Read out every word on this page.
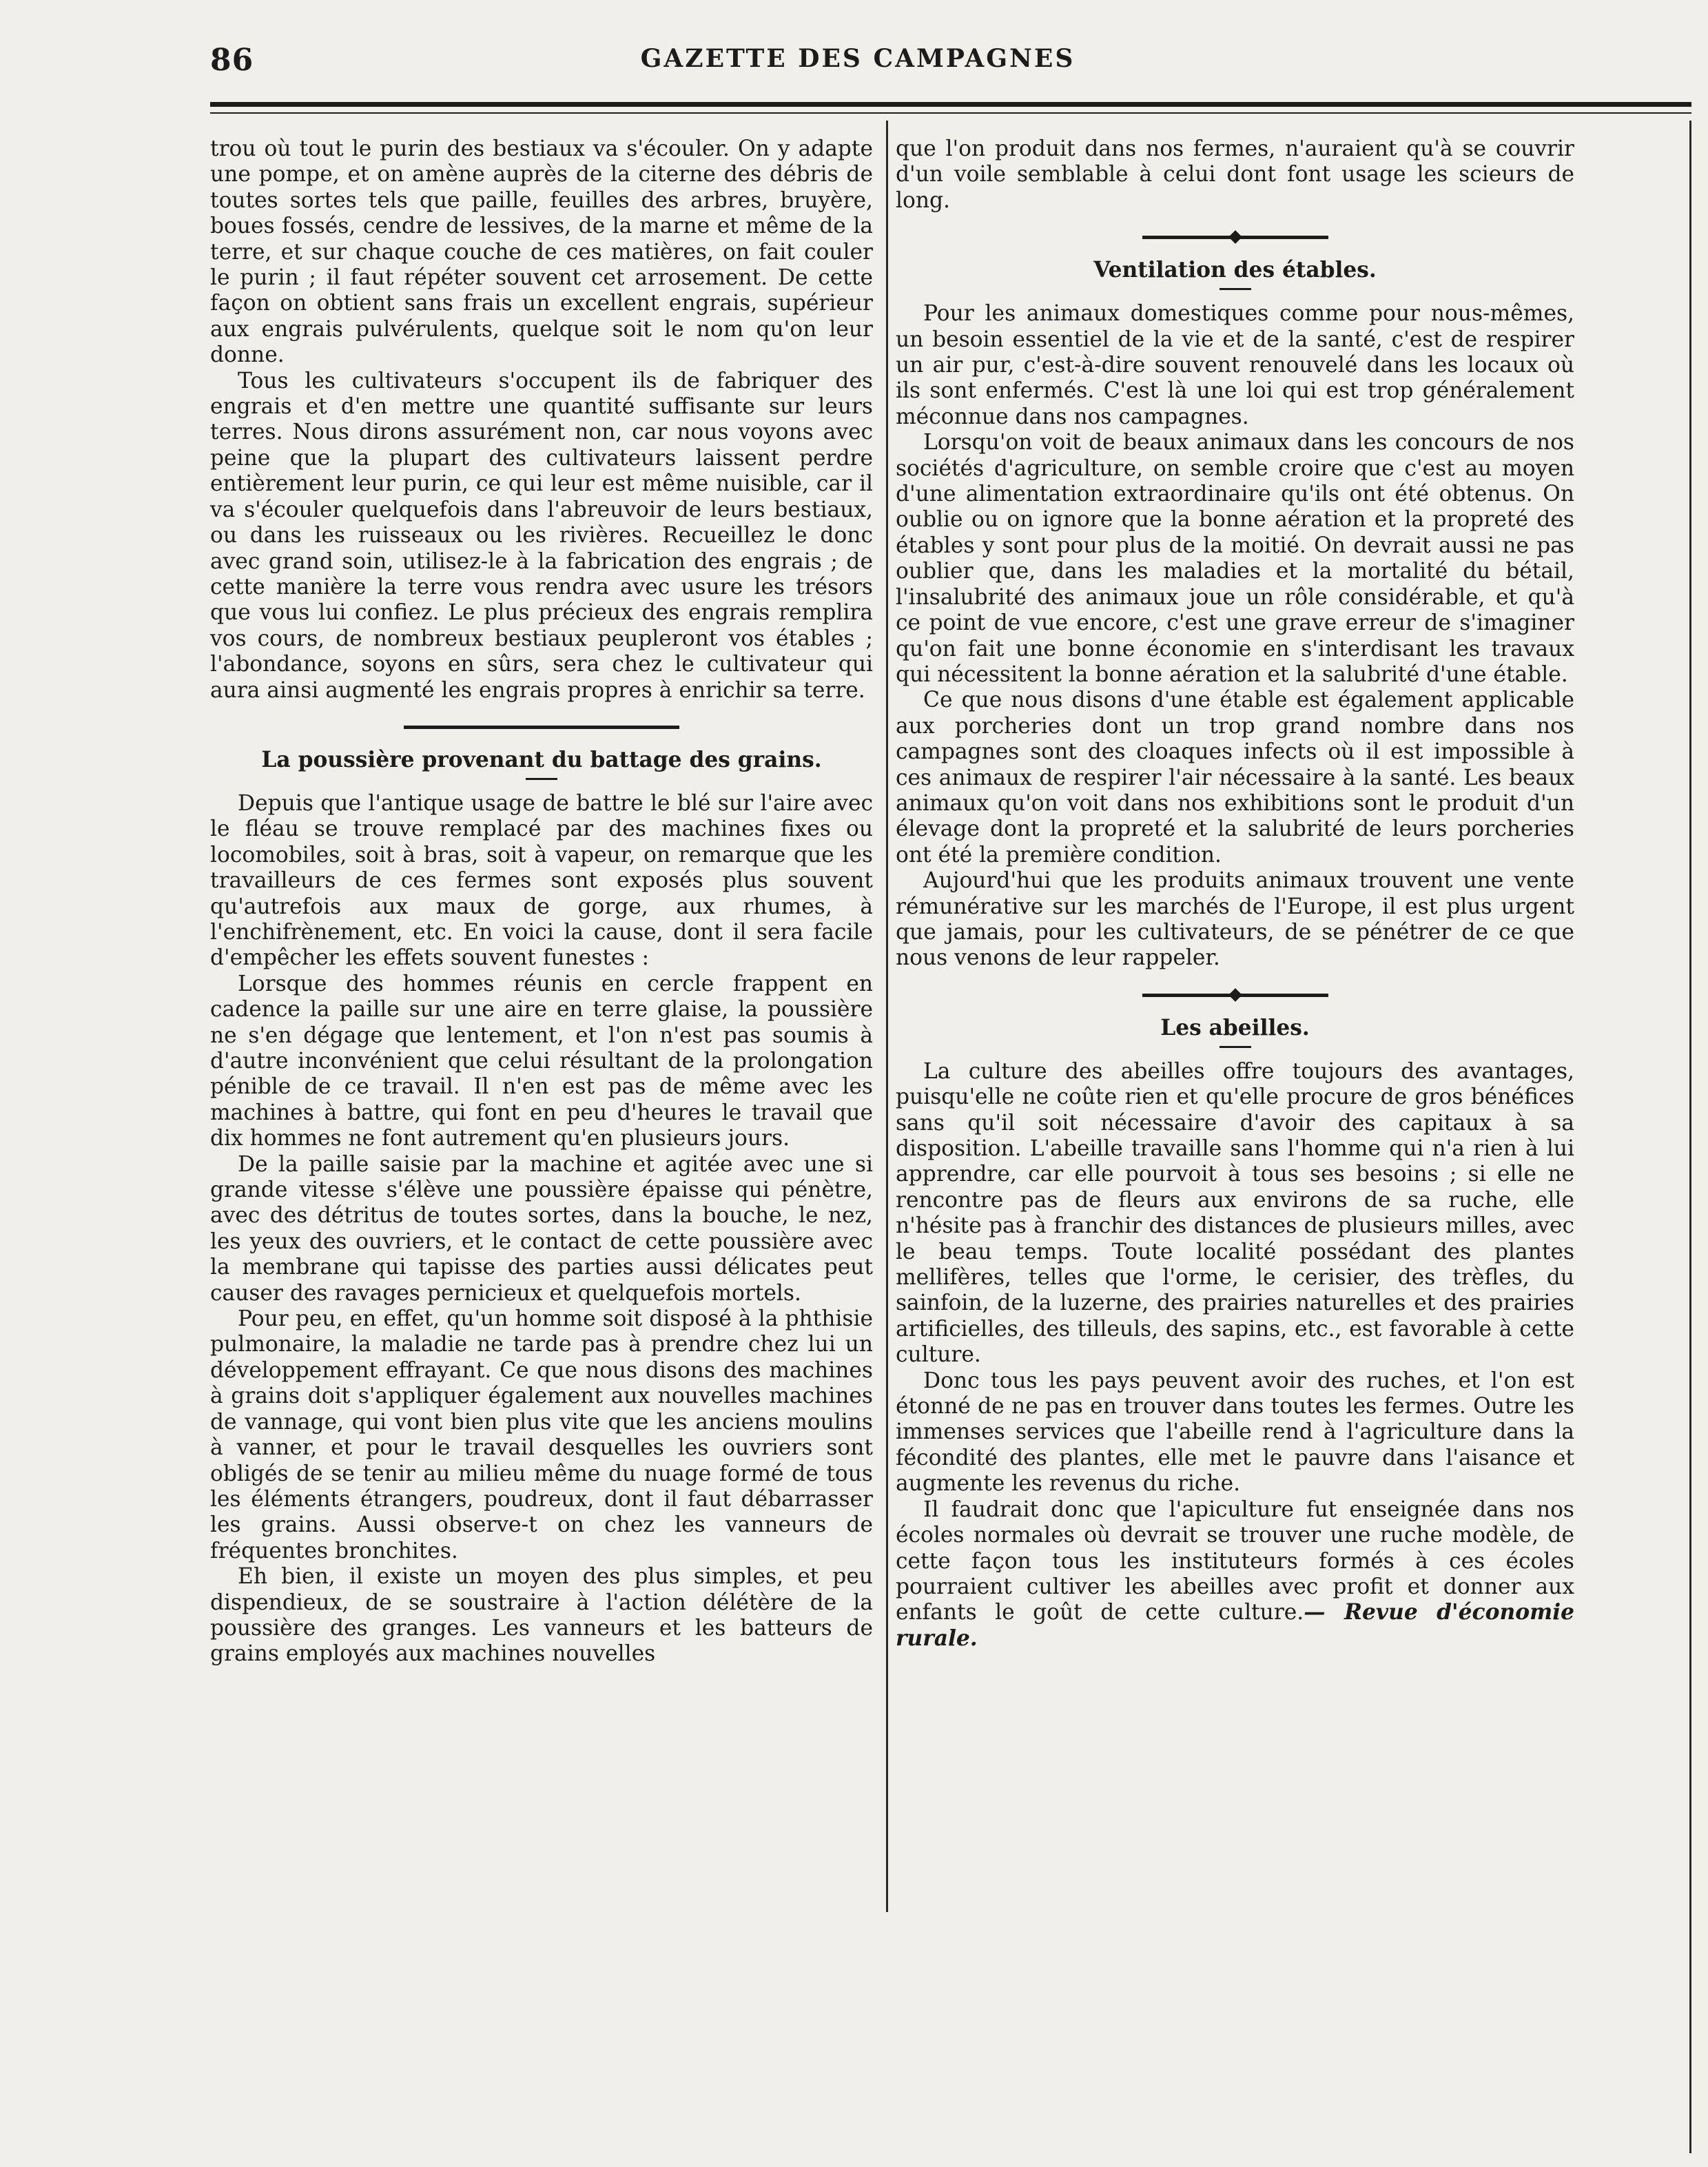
86	GAZETTE DES CAMPAGNES

trou où tout le purin des bestiaux va s'écouler. On y adapte une pompe, et on amène auprès de la citerne des débris de toutes sortes tels que paille, feuilles des arbres, bruyère, boues fossés, cendre de lessives, de la marne et même de la terre, et sur chaque couche de ces matières, on fait couler le purin ; il faut répéter souvent cet arrosement. De cette façon on obtient sans frais un excellent engrais, supérieur aux engrais pulvérulents, quelque soit le nom qu'on leur donne.

Tous les cultivateurs s'occupent ils de fabriquer des engrais et d'en mettre une quantité suffisante sur leurs terres. Nous dirons assurément non, car nous voyons avec peine que la plupart des cultivateurs laissent perdre entièrement leur purin, ce qui leur est même nuisible, car il va s'écouler quelquefois dans l'abreuvoir de leurs bestiaux, ou dans les ruisseaux ou les rivières. Recueillez le donc avec grand soin, utilisez-le à la fabrication des engrais ; de cette manière la terre vous rendra avec usure les trésors que vous lui confiez. Le plus précieux des engrais remplira vos cours, de nombreux bestiaux peupleront vos étables ; l'abondance, soyons en sûrs, sera chez le cultivateur qui aura ainsi augmenté les engrais propres à enrichir sa terre.

La poussière provenant du battage des grains.

Depuis que l'antique usage de battre le blé sur l'aire avec le fléau se trouve remplacé par des machines fixes ou locomobiles, soit à bras, soit à vapeur, on remarque que les travailleurs de ces fermes sont exposés plus souvent qu'autrefois aux maux de gorge, aux rhumes, à l'enchifrènement, etc. En voici la cause, dont il sera facile d'empêcher les effets souvent funestes :

Lorsque des hommes réunis en cercle frappent en cadence la paille sur une aire en terre glaise, la poussière ne s'en dégage que lentement, et l'on n'est pas soumis à d'autre inconvénient que celui résultant de la prolongation pénible de ce travail. Il n'en est pas de même avec les machines à battre, qui font en peu d'heures le travail que dix hommes ne font autrement qu'en plusieurs jours.

De la paille saisie par la machine et agitée avec une si grande vitesse s'élève une poussière épaisse qui pénètre, avec des détritus de toutes sortes, dans la bouche, le nez, les yeux des ouvriers, et le contact de cette poussière avec la membrane qui tapisse des parties aussi délicates peut causer des ravages pernicieux et quelquefois mortels.

Pour peu, en effet, qu'un homme soit disposé à la phthisie pulmonaire, la maladie ne tarde pas à prendre chez lui un développement effrayant. Ce que nous disons des machines à grains doit s'appliquer également aux nouvelles machines de vannage, qui vont bien plus vite que les anciens moulins à vanner, et pour le travail desquelles les ouvriers sont obligés de se tenir au milieu même du nuage formé de tous les éléments étrangers, poudreux, dont il faut débarrasser les grains. Aussi observe-t on chez les vanneurs de fréquentes bronchites.

Eh bien, il existe un moyen des plus simples, et peu dispendieux, de se soustraire à l'action délétère de la poussière des granges. Les vanneurs et les batteurs de grains employés aux machines nouvelles

que l'on produit dans nos fermes, n'auraient qu'à se couvrir d'un voile semblable à celui dont font usage les scieurs de long.

Ventilation des étables.

Pour les animaux domestiques comme pour nous-mêmes, un besoin essentiel de la vie et de la santé, c'est de respirer un air pur, c'est-à-dire souvent renouvelé dans les locaux où ils sont enfermés. C'est là une loi qui est trop généralement méconnue dans nos campagnes.

Lorsqu'on voit de beaux animaux dans les concours de nos sociétés d'agriculture, on semble croire que c'est au moyen d'une alimentation extraordinaire qu'ils ont été obtenus. On oublie ou on ignore que la bonne aération et la propreté des étables y sont pour plus de la moitié. On devrait aussi ne pas oublier que, dans les maladies et la mortalité du bétail, l'insalubrité des animaux joue un rôle considérable, et qu'à ce point de vue encore, c'est une grave erreur de s'imaginer qu'on fait une bonne économie en s'interdisant les travaux qui nécessitent la bonne aération et la salubrité d'une étable.

Ce que nous disons d'une étable est également applicable aux porcheries dont un trop grand nombre dans nos campagnes sont des cloaques infects où il est impossible à ces animaux de respirer l'air nécessaire à la santé. Les beaux animaux qu'on voit dans nos exhibitions sont le produit d'un élevage dont la propreté et la salubrité de leurs porcheries ont été la première condition.

Aujourd'hui que les produits animaux trouvent une vente rémunérative sur les marchés de l'Europe, il est plus urgent que jamais, pour les cultivateurs, de se pénétrer de ce que nous venons de leur rappeler.

Les abeilles.

La culture des abeilles offre toujours des avantages, puisqu'elle ne coûte rien et qu'elle procure de gros bénéfices sans qu'il soit nécessaire d'avoir des capitaux à sa disposition. L'abeille travaille sans l'homme qui n'a rien à lui apprendre, car elle pourvoit à tous ses besoins ; si elle ne rencontre pas de fleurs aux environs de sa ruche, elle n'hésite pas à franchir des distances de plusieurs milles, avec le beau temps. Toute localité possédant des plantes mellifères, telles que l'orme, le cerisier, des trèfles, du sainfoin, de la luzerne, des prairies naturelles et des prairies artificielles, des tilleuls, des sapins, etc., est favorable à cette culture.

Donc tous les pays peuvent avoir des ruches, et l'on est étonné de ne pas en trouver dans toutes les fermes. Outre les immenses services que l'abeille rend à l'agriculture dans la fécondité des plantes, elle met le pauvre dans l'aisance et augmente les revenus du riche.

Il faudrait donc que l'apiculture fut enseignée dans nos écoles normales où devrait se trouver une ruche modèle, de cette façon tous les instituteurs formés à ces écoles pourraient cultiver les abeilles avec profit et donner aux enfants le goût de cette culture.— Revue d'économie rurale.
